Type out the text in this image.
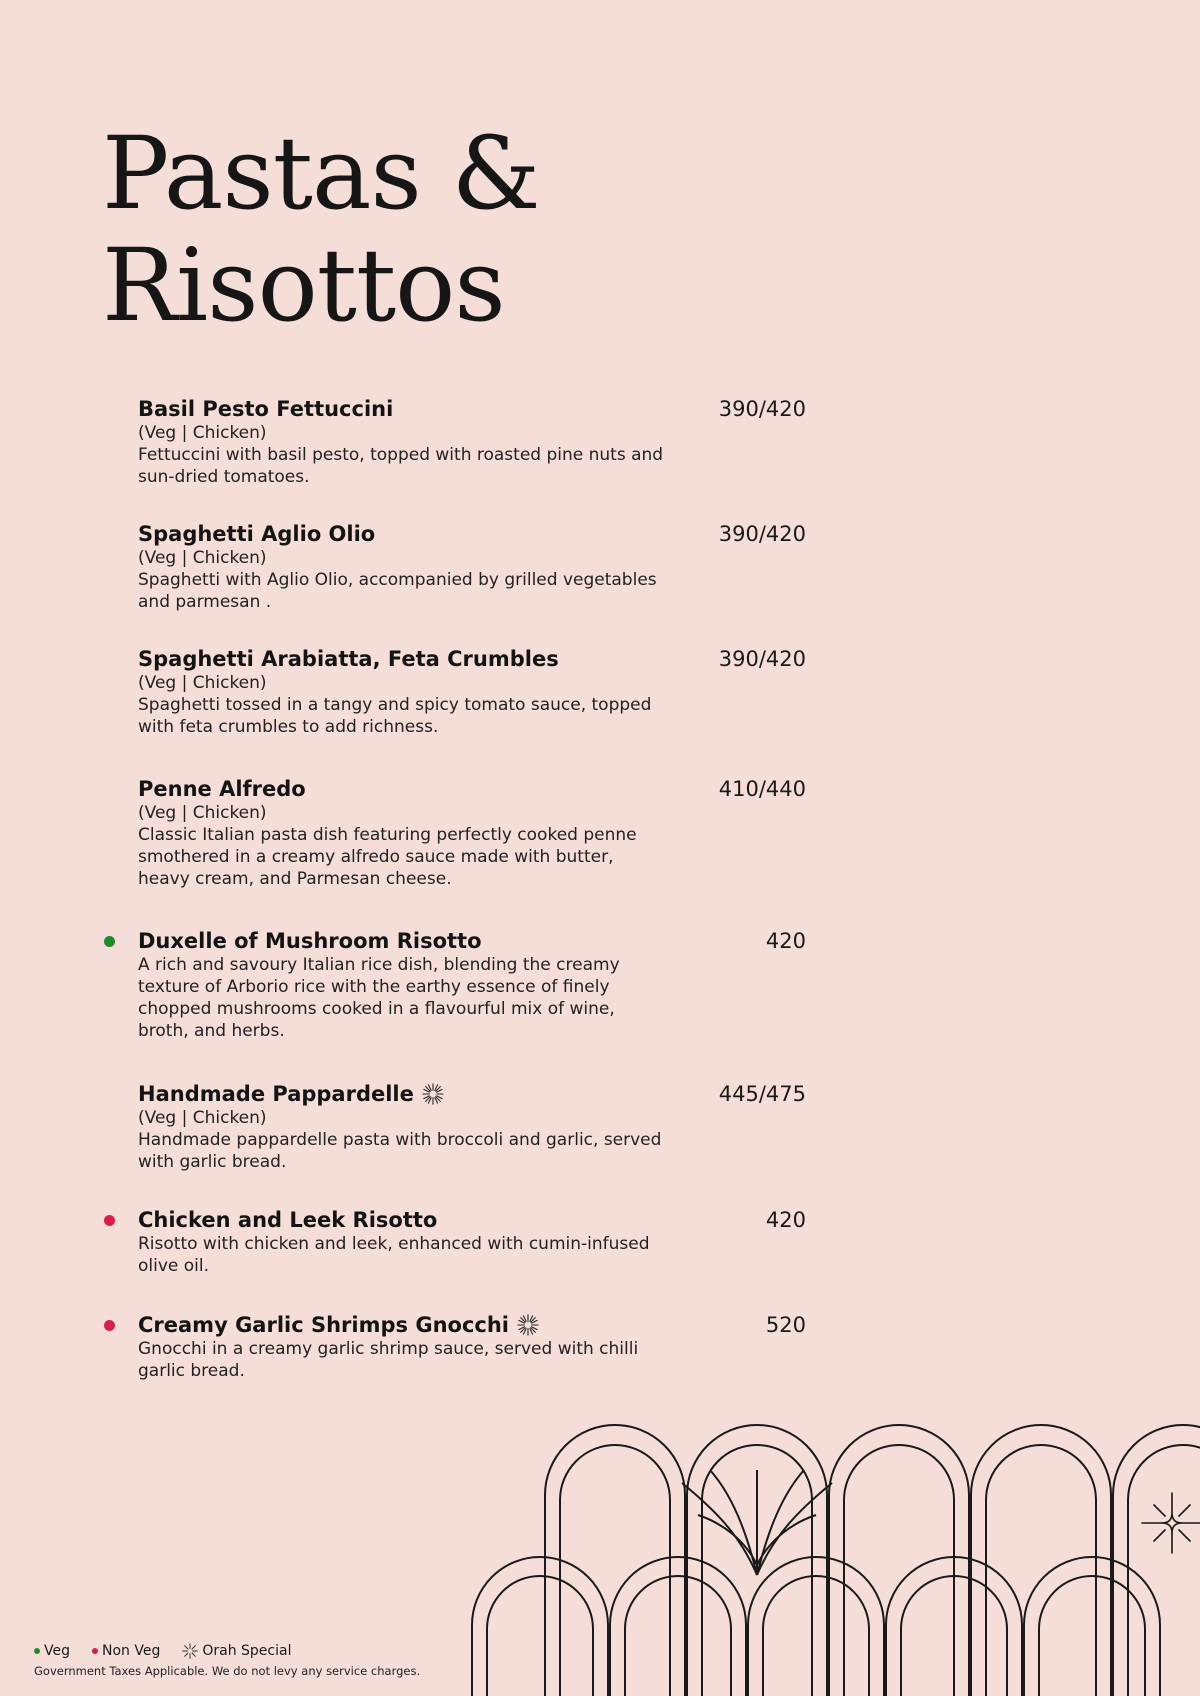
Pastas &
Risottos
Basil Pesto Fettuccini	390/420
(Veg | Chicken)
Fettuccini with basil pesto, topped with roasted pine nuts and sun-dried tomatoes.
Spaghetti Aglio Olio	390/420
(Veg | Chicken)
Spaghetti with Aglio Olio, accompanied by grilled vegetables and parmesan .
Spaghetti Arabiatta, Feta Crumbles	390/420
(Veg | Chicken)
Spaghetti tossed in a tangy and spicy tomato sauce, topped with feta crumbles to add richness.
Penne Alfredo	410/440
(Veg | Chicken)
Classic Italian pasta dish featuring perfectly cooked penne smothered in a creamy alfredo sauce made with butter, heavy cream, and Parmesan cheese.
Duxelle of Mushroom Risotto	420
A rich and savoury Italian rice dish, blending the creamy texture of Arborio rice with the earthy essence of finely chopped mushrooms cooked in a flavourful mix of wine, broth, and herbs.
Handmade Pappardelle	445/475
(Veg | Chicken)
Handmade pappardelle pasta with broccoli and garlic, served with garlic bread.
Chicken and Leek Risotto	420
Risotto with chicken and leek, enhanced with cumin-infused olive oil.
Creamy Garlic Shrimps Gnocchi	520
Gnocchi in a creamy garlic shrimp sauce, served with chilli garlic bread.
Veg Non Veg	Orah Special
Government Taxes Applicable. We do not levy any service charges.
